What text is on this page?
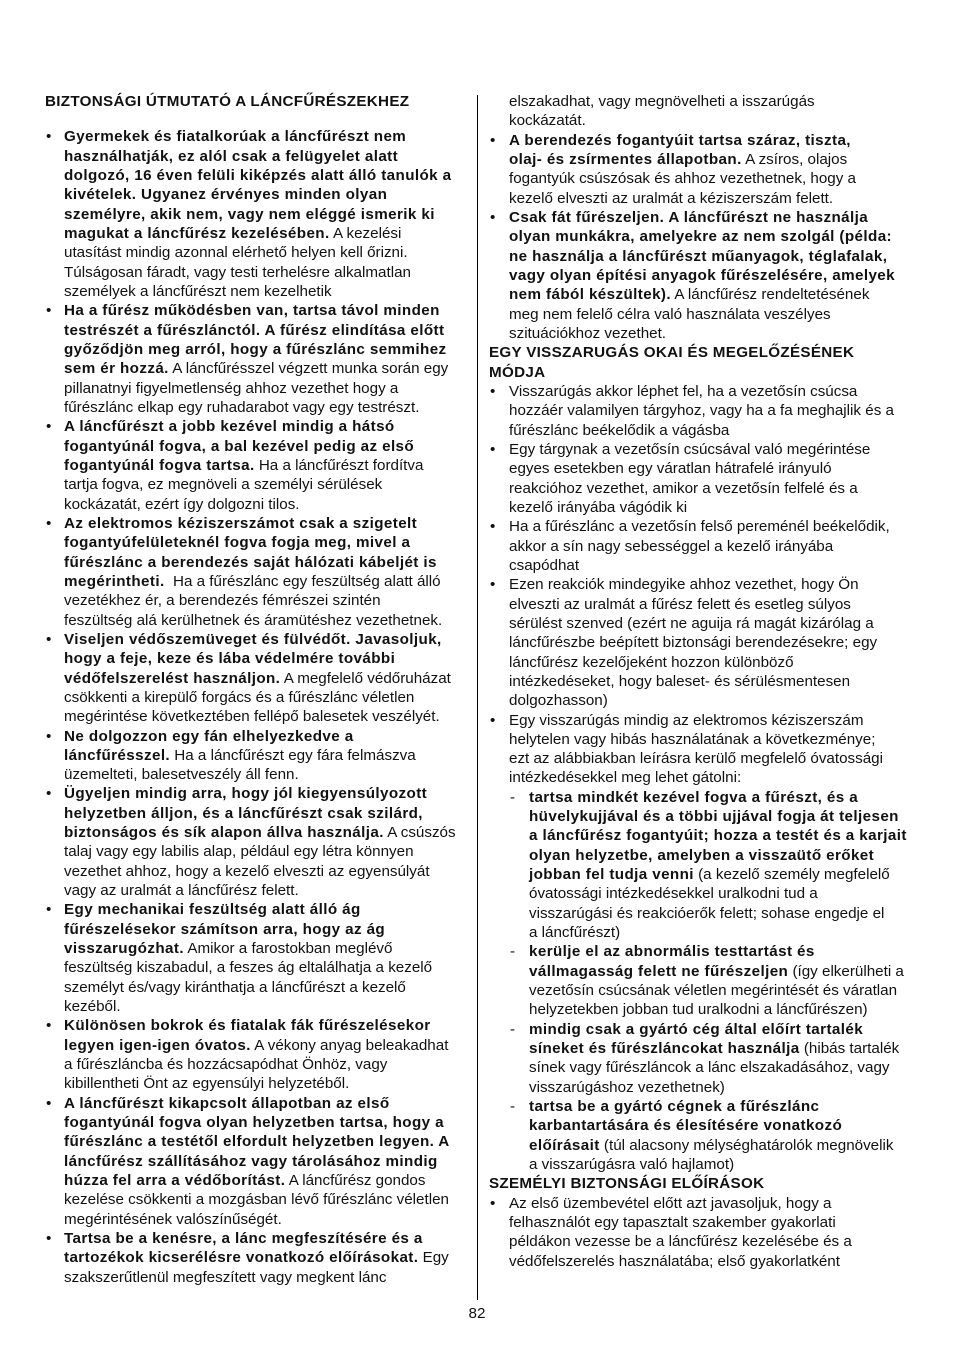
BIZTONSÁGI ÚTMUTATÓ A LÁNCFŰRÉSZEKHEZ
• Gyermekek és fiatalkorúak a láncfűrészt nem
használhatják, ez alól csak a felügyelet alatt
dolgozó, 16 éven felüli kiképzés alatt álló tanulók a
kivételek. Ugyanez érvényes minden olyan
személyre, akik nem, vagy nem eléggé ismerik ki
magukat a láncfűrész kezelésében. A kezelési
utasítást mindig azonnal elérhető helyen kell őrizni.
Túlságosan fáradt, vagy testi terhelésre alkalmatlan
személyek a láncfűrészt nem kezelhetik
• Ha a fűrész működésben van, tartsa távol minden
testrészét a fűrészlánctól. A fűrész elindítása előtt
győződjön meg arról, hogy a fűrészlánc semmihez
sem ér hozzá. A láncfűrésszel végzett munka során egy
pillanatnyi figyelmetlenség ahhoz vezethet hogy a
fűrészlánc elkap egy ruhadarabot vagy egy testrészt.
• A láncfűrészt a jobb kezével mindig a hátsó
fogantyúnál fogva, a bal kezével pedig az első
fogantyúnál fogva tartsa. Ha a láncfűrészt fordítva
tartja fogva, ez megnöveli a személyi sérülések
kockázatát, ezért így dolgozni tilos.
• Az elektromos kéziszerszámot csak a szigetelt
fogantyúfelületeknél fogva fogja meg, mivel a
fűrészlánc a berendezés saját hálózati kábeljét is
megérintheti.  Ha a fűrészlánc egy feszültség alatt álló
vezetékhez ér, a berendezés fémrészei szintén
feszültség alá kerülhetnek és áramütéshez vezethetnek.
• Viseljen védőszemüveget és fülvédőt. Javasoljuk,
hogy a feje, keze és lába védelmére további
védőfelszerelést használjon. A megfelelő védőruházat
csökkenti a kirepülő forgács és a fűrészlánc véletlen
megérintése következtében fellépő balesetek veszélyét.
• Ne dolgozzon egy fán elhelyezkedve a
láncfűrésszel. Ha a láncfűrészt egy fára felmászva
üzemelteti, balesetveszély áll fenn.
• Ügyeljen mindig arra, hogy jól kiegyensúlyozott
helyzetben álljon, és a láncfűrészt csak szilárd,
biztonságos és sík alapon állva használja. A csúszós
talaj vagy egy labilis alap, például egy létra könnyen
vezethet ahhoz, hogy a kezelő elveszti az egyensúlyát
vagy az uralmát a láncfűrész felett.
• Egy mechanikai feszültség alatt álló ág
fűrészelésekor számítson arra, hogy az ág
visszarugózhat. Amikor a farostokban meglévő
feszültség kiszabadul, a feszes ág eltalálhatja a kezelő
személyt és/vagy kiránthatja a láncfűrészt a kezelő
kezéből.
• Különösen bokrok és fiatalak fák fűrészelésekor
legyen igen-igen óvatos. A vékony anyag beleakadhat
a fűrészláncba és hozzácsapódhat Önhöz, vagy
kibillentheti Önt az egyensúlyi helyzetéből.
• A láncfűrészt kikapcsolt állapotban az első
fogantyúnál fogva olyan helyzetben tartsa, hogy a
fűrészlánc a testétől elfordult helyzetben legyen. A
láncfűrész szállításához vagy tárolásához mindig
húzza fel arra a védőborítást. A láncfűrész gondos
kezelése csökkenti a mozgásban lévő fűrészlánc véletlen
megérintésének valószínűségét.
• Tartsa be a kenésre, a lánc megfeszítésére és a
tartozékok kicserélésre vonatkozó előírásokat. Egy
szakszerűtlenül megfeszített vagy megkent lánc
elszakadhat, vagy megnövelheti a isszarúgás
kockázatát.
• A berendezés fogantyúit tartsa száraz, tiszta,
olaj- és zsírmentes állapotban. A zsíros, olajos
fogantyúk csúszósak és ahhoz vezethetnek, hogy a
kezelő elveszti az uralmát a kéziszerszám felett.
• Csak fát fűrészeljen. A láncfűrészt ne használja
olyan munkákra, amelyekre az nem szolgál (példa:
ne használja a láncfűrészt műanyagok, téglafalak,
vagy olyan építési anyagok fűrészelésére, amelyek
nem fából készültek). A láncfűrész rendeltetésének
meg nem felelő célra való használata veszélyes
szituációkhoz vezethet.
EGY VISSZARUGÁS OKAI ÉS MEGELŐZÉSÉNEK
MÓDJA
• Visszarúgás akkor léphet fel, ha a vezetősín csúcsa
hozzáér valamilyen tárgyhoz, vagy ha a fa meghajlik és a
fűrészlánc beékelődik a vágásba
• Egy tárgynak a vezetősín csúcsával való megérintése
egyes esetekben egy váratlan hátrafelé irányuló
reakcióhoz vezethet, amikor a vezetősín felfelé és a
kezelő irányába vágódik ki
• Ha a fűrészlánc a vezetősín felső pereménél beékelődik,
akkor a sín nagy sebességgel a kezelő irányába
csapódhat
• Ezen reakciók mindegyike ahhoz vezethet, hogy Ön
elveszti az uralmát a fűrész felett és esetleg súlyos
sérülést szenved (ezért ne aguija rá magát kizárólag a
láncfűrészbe beépített biztonsági berendezésekre; egy
láncfűrész kezelőjeként hozzon különböző
intézkedéseket, hogy baleset- és sérülésmentesen
dolgozhasson)
• Egy visszarúgás mindig az elektromos kéziszerszám
helytelen vagy hibás használatának a következménye;
ezt az alábbiakban leírásra kerülő megfelelő óvatossági
intézkedésekkel meg lehet gátolni:
- tartsa mindkét kezével fogva a fűrészt, és a
hüvelykujjával és a többi ujjával fogja át teljesen
a láncfűrész fogantyúit; hozza a testét és a karjait
olyan helyzetbe, amelyben a visszaütő erőket
jobban fel tudja venni (a kezelő személy megfelelő
óvatossági intézkedésekkel uralkodni tud a
visszarúgási és reakcióerők felett; sohase engedje el
a láncfűrészt)
- kerülje el az abnormális testtartást és
vállmagasság felett ne fűrészeljen (így elkerülheti a
vezetősín csúcsának véletlen megérintését és váratlan
helyzetekben jobban tud uralkodni a láncfűrészen)
- mindig csak a gyártó cég által előírt tartalék
síneket és fűrészláncokat használja (hibás tartalék
sínek vagy fűrészláncok a lánc elszakadásához, vagy
visszarúgáshoz vezethetnek)
- tartsa be a gyártó cégnek a fűrészlánc
karbantartására és élesítésére vonatkozó
előírásait (túl alacsony mélységhatárolók megnövelik
a visszarúgásra való hajlamot)
SZEMÉLYI BIZTONSÁGI ELŐÍRÁSOK
• Az első üzembevétel előtt azt javasoljuk, hogy a
felhasználót egy tapasztalt szakember gyakorlati
példákon vezesse be a láncfűrész kezelésébe és a
védőfelszerelés használatába; első gyakorlatként
82
